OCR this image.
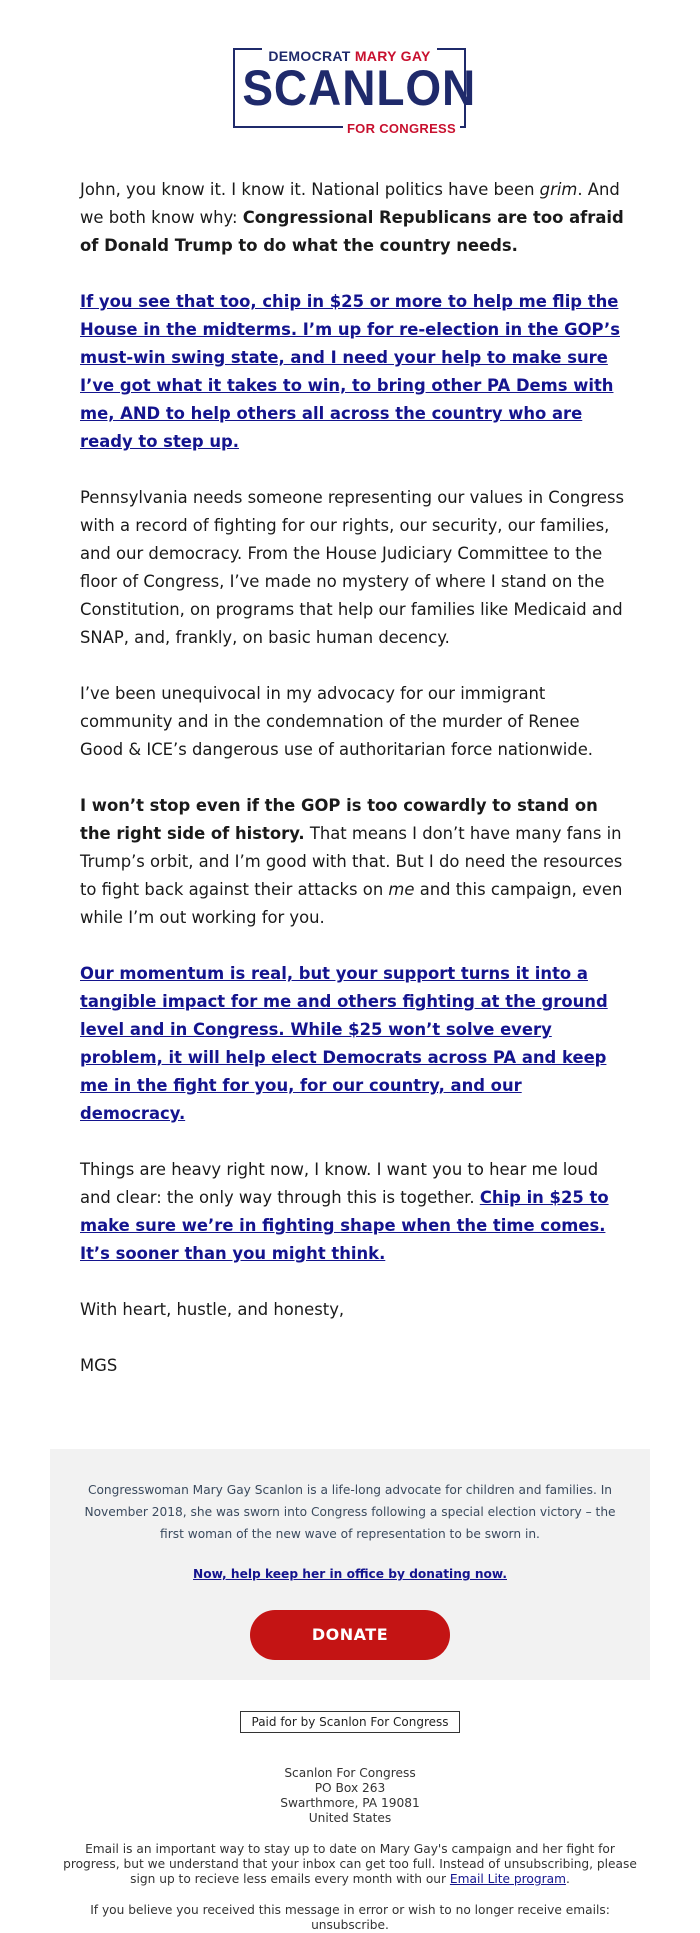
DEMOCRAT MARY GAY
SCANLON
FOR CONGRESS

John, you know it. I know it. National politics have been grim. And we both know why: Congressional Republicans are too afraid of Donald Trump to do what the country needs.

If you see that too, chip in $25 or more to help me flip the House in the midterms. I’m up for re-election in the GOP’s must-win swing state, and I need your help to make sure I’ve got what it takes to win, to bring other PA Dems with me, AND to help others all across the country who are ready to step up.

Pennsylvania needs someone representing our values in Congress with a record of fighting for our rights, our security, our families, and our democracy. From the House Judiciary Committee to the floor of Congress, I’ve made no mystery of where I stand on the Constitution, on programs that help our families like Medicaid and SNAP, and, frankly, on basic human decency.

I’ve been unequivocal in my advocacy for our immigrant community and in the condemnation of the murder of Renee Good & ICE’s dangerous use of authoritarian force nationwide.

I won’t stop even if the GOP is too cowardly to stand on the right side of history. That means I don’t have many fans in Trump’s orbit, and I’m good with that. But I do need the resources to fight back against their attacks on me and this campaign, even while I’m out working for you.

Our momentum is real, but your support turns it into a tangible impact for me and others fighting at the ground level and in Congress. While $25 won’t solve every problem, it will help elect Democrats across PA and keep me in the fight for you, for our country, and our democracy.

Things are heavy right now, I know. I want you to hear me loud and clear: the only way through this is together. Chip in $25 to make sure we’re in fighting shape when the time comes. It’s sooner than you might think.

With heart, hustle, and honesty,

MGS

Congresswoman Mary Gay Scanlon is a life-long advocate for children and families. In November 2018, she was sworn into Congress following a special election victory – the first woman of the new wave of representation to be sworn in.
Now, help keep her in office by donating now.
DONATE
Paid for by Scanlon For Congress
Scanlon For Congress
PO Box 263
Swarthmore, PA 19081
United States
Email is an important way to stay up to date on Mary Gay's campaign and her fight for progress, but we understand that your inbox can get too full. Instead of unsubscribing, please sign up to recieve less emails every month with our Email Lite program.
If you believe you received this message in error or wish to no longer receive emails: unsubscribe.
